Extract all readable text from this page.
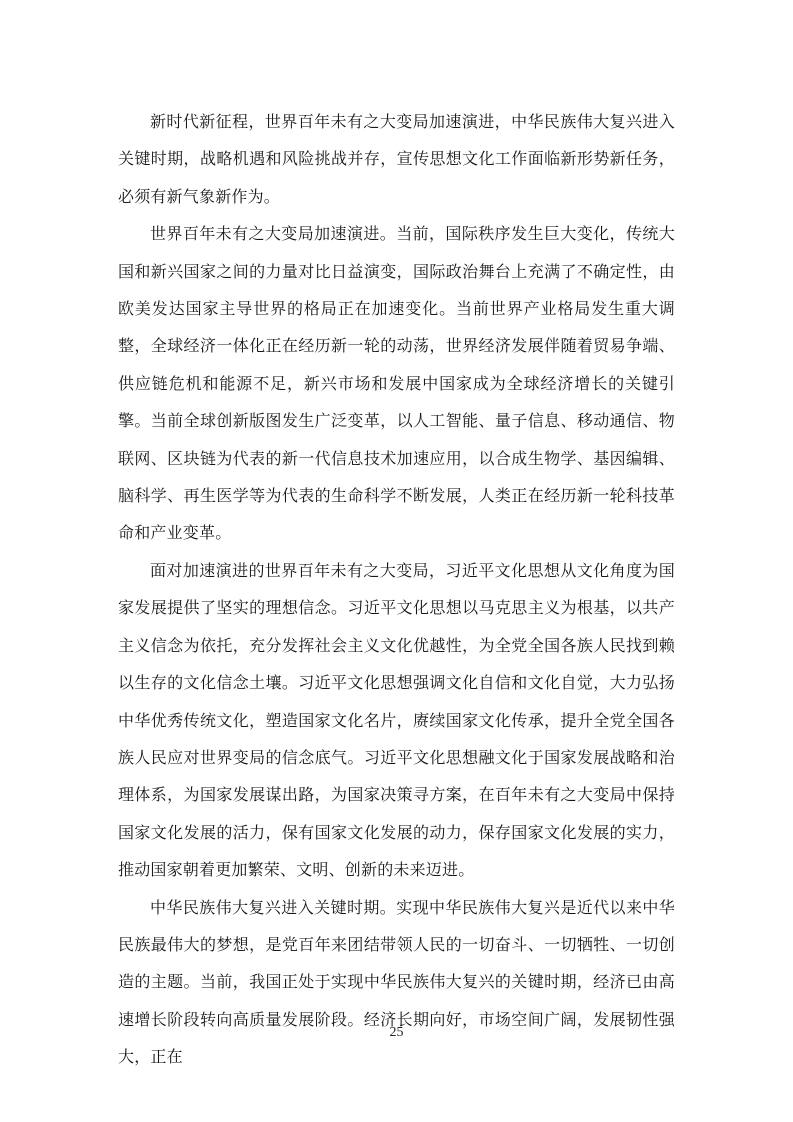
新时代新征程，世界百年未有之大变局加速演进，中华民族伟大复兴进入关键时期，战略机遇和风险挑战并存，宣传思想文化工作面临新形势新任务，必须有新气象新作为。

世界百年未有之大变局加速演进。当前，国际秩序发生巨大变化，传统大国和新兴国家之间的力量对比日益演变，国际政治舞台上充满了不确定性，由欧美发达国家主导世界的格局正在加速变化。当前世界产业格局发生重大调整，全球经济一体化正在经历新一轮的动荡，世界经济发展伴随着贸易争端、供应链危机和能源不足，新兴市场和发展中国家成为全球经济增长的关键引擎。当前全球创新版图发生广泛变革，以人工智能、量子信息、移动通信、物联网、区块链为代表的新一代信息技术加速应用，以合成生物学、基因编辑、脑科学、再生医学等为代表的生命科学不断发展，人类正在经历新一轮科技革命和产业变革。

面对加速演进的世界百年未有之大变局，习近平文化思想从文化角度为国家发展提供了坚实的理想信念。习近平文化思想以马克思主义为根基，以共产主义信念为依托，充分发挥社会主义文化优越性，为全党全国各族人民找到赖以生存的文化信念土壤。习近平文化思想强调文化自信和文化自觉，大力弘扬中华优秀传统文化，塑造国家文化名片，赓续国家文化传承，提升全党全国各族人民应对世界变局的信念底气。习近平文化思想融文化于国家发展战略和治理体系，为国家发展谋出路，为国家决策寻方案，在百年未有之大变局中保持国家文化发展的活力，保有国家文化发展的动力，保存国家文化发展的实力，推动国家朝着更加繁荣、文明、创新的未来迈进。

中华民族伟大复兴进入关键时期。实现中华民族伟大复兴是近代以来中华民族最伟大的梦想，是党百年来团结带领人民的一切奋斗、一切牺牲、一切创造的主题。当前，我国正处于实现中华民族伟大复兴的关键时期，经济已由高速增长阶段转向高质量发展阶段。经济长期向好，市场空间广阔，发展韧性强大，正在

25
